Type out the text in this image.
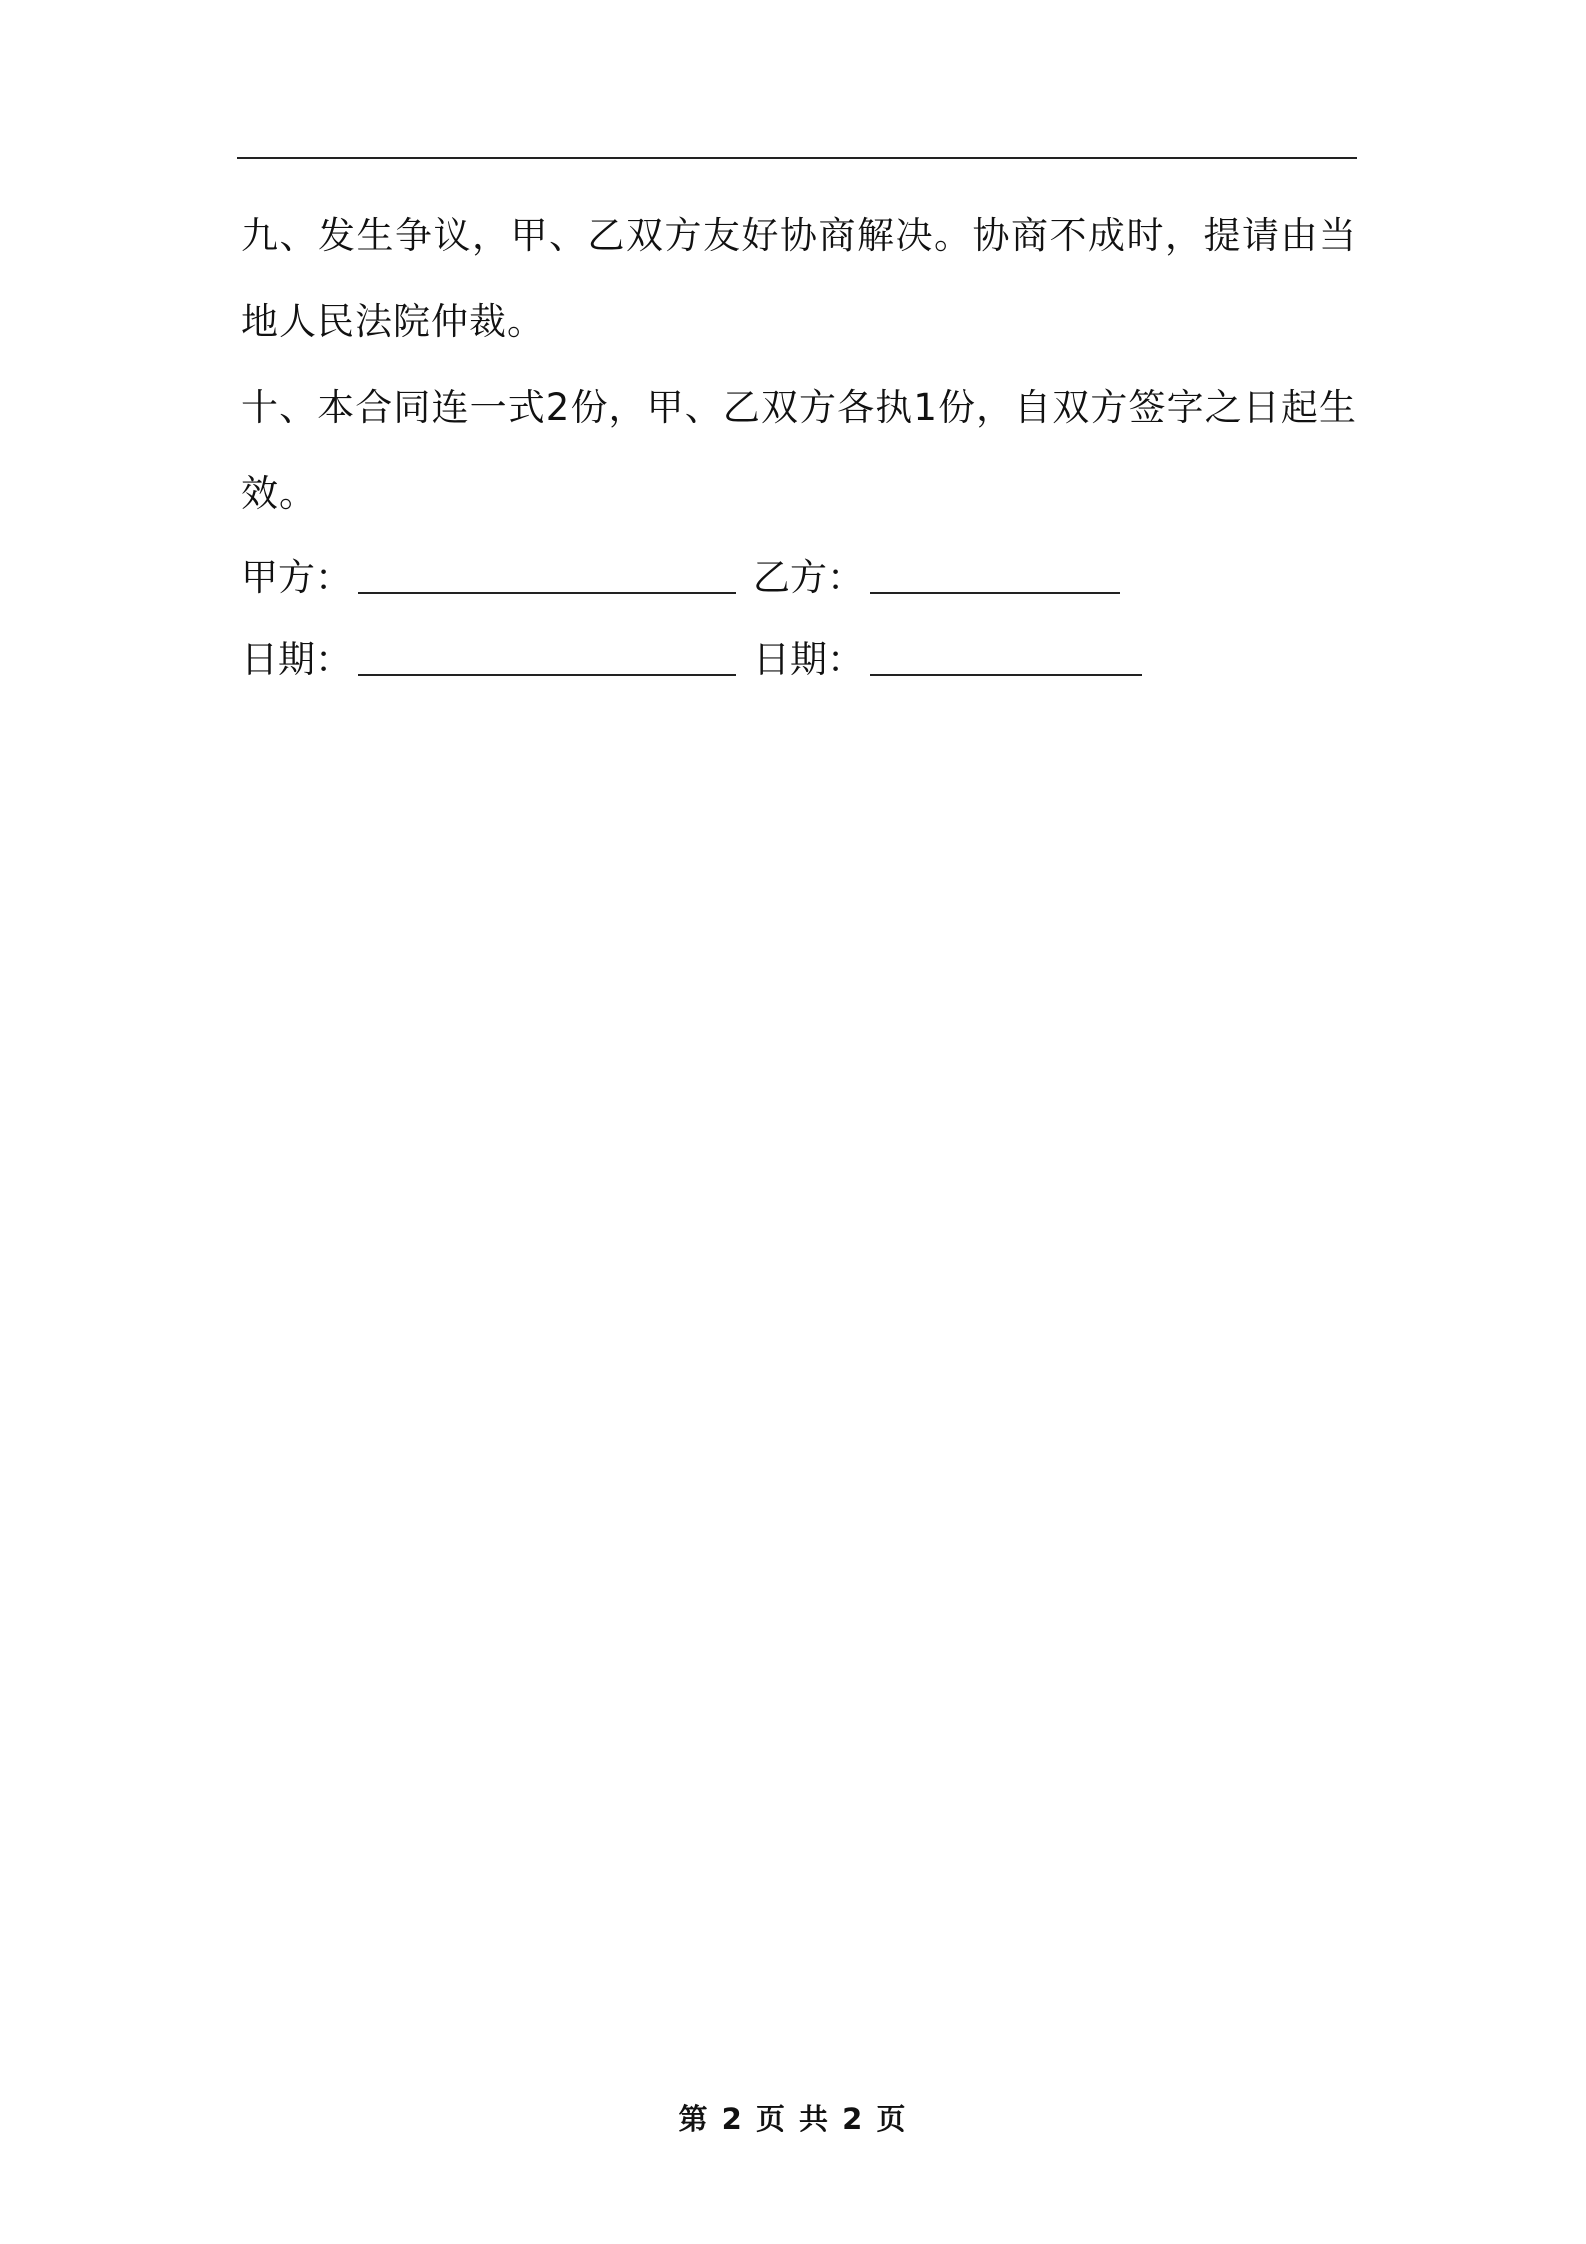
九、发生争议，甲、乙双方友好协商解决。协商不成时，提请由当地人民法院仲裁。

十、本合同连一式2份，甲、乙双方各执1份，自双方签字之日起生效。

甲方：	乙方：
日期：	日期：
第 2 页 共 2 页
